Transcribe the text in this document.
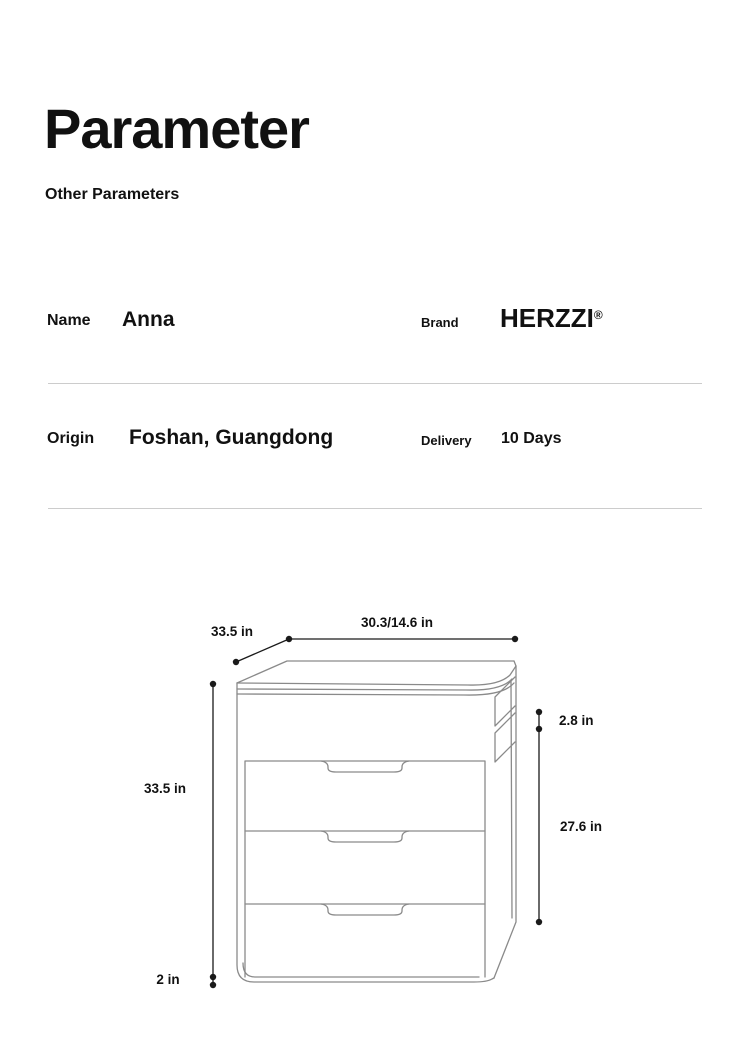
Parameter
Other Parameters
Name Anna	Brand HERZZI®
Origin Foshan, Guangdong	Delivery 10 Days
30.3/14.6 in
33.5 in
33.5 in
2.8 in
27.6 in
2 in
